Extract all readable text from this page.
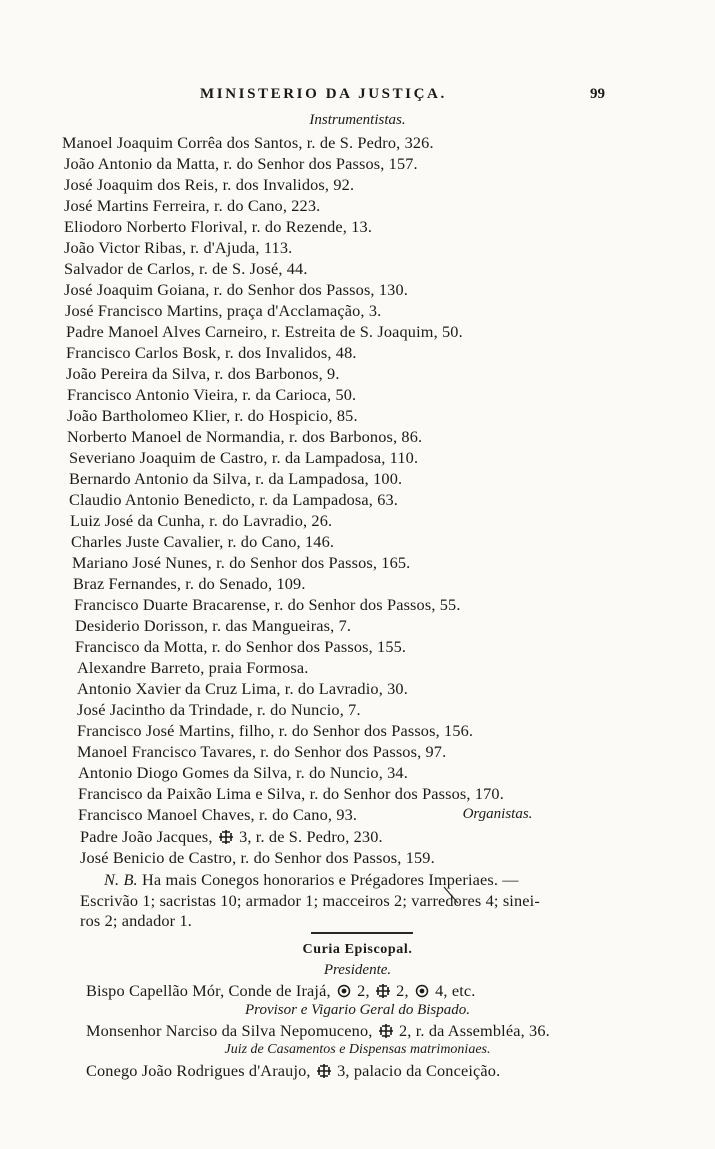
MINISTERIO DA JUSTIÇA.	99
Instrumentistas.
Manoel Joaquim Corrêa dos Santos, r. de S. Pedro, 326.
João Antonio da Matta, r. do Senhor dos Passos, 157.
José Joaquim dos Reis, r. dos Invalidos, 92.
José Martins Ferreira, r. do Cano, 223.
Eliodoro Norberto Florival, r. do Rezende, 13.
João Victor Ribas, r. d'Ajuda, 113.
Salvador de Carlos, r. de S. José, 44.
José Joaquim Goiana, r. do Senhor dos Passos, 130.
José Francisco Martins, praça d'Acclamação, 3.
Padre Manoel Alves Carneiro, r. Estreita de S. Joaquim, 50.
Francisco Carlos Bosk, r. dos Invalidos, 48.
João Pereira da Silva, r. dos Barbonos, 9.
Francisco Antonio Vieira, r. da Carioca, 50.
João Bartholomeo Klier, r. do Hospicio, 85.
Norberto Manoel de Normandia, r. dos Barbonos, 86.
Severiano Joaquim de Castro, r. da Lampadosa, 110.
Bernardo Antonio da Silva, r. da Lampadosa, 100.
Claudio Antonio Benedicto, r. da Lampadosa, 63.
Luiz José da Cunha, r. do Lavradio, 26.
Charles Juste Cavalier, r. do Cano, 146.
Mariano José Nunes, r. do Senhor dos Passos, 165.
Braz Fernandes, r. do Senado, 109.
Francisco Duarte Bracarense, r. do Senhor dos Passos, 55.
Desiderio Dorisson, r. das Mangueiras, 7.
Francisco da Motta, r. do Senhor dos Passos, 155.
Alexandre Barreto, praia Formosa.
Antonio Xavier da Cruz Lima, r. do Lavradio, 30.
José Jacintho da Trindade, r. do Nuncio, 7.
Francisco José Martins, filho, r. do Senhor dos Passos, 156.
Manoel Francisco Tavares, r. do Senhor dos Passos, 97.
Antonio Diogo Gomes da Silva, r. do Nuncio, 34.
Francisco da Paixão Lima e Silva, r. do Senhor dos Passos, 170.
Francisco Manoel Chaves, r. do Cano, 93.	Organistas.
Padre João Jacques, 3, r. de S. Pedro, 230.
José Benicio de Castro, r. do Senhor dos Passos, 159.
N. B. Ha mais Conegos honorarios e Prégadores Imperiaes. —
Escrivão 1; sacristas 10; armador 1; macceiros 2; varredores 4; sinei-
ros 2; andador 1.
Curia Episcopal.
Presidente.
Bispo Capellão Mór, Conde de Irajá, 2, 2, 4, etc.
Provisor e Vigario Geral do Bispado.
Monsenhor Narciso da Silva Nepomuceno, 2, r. da Assembléa, 36.
Juiz de Casamentos e Dispensas matrimoniaes.
Conego João Rodrigues d'Araujo, 3, palacio da Conceição.
